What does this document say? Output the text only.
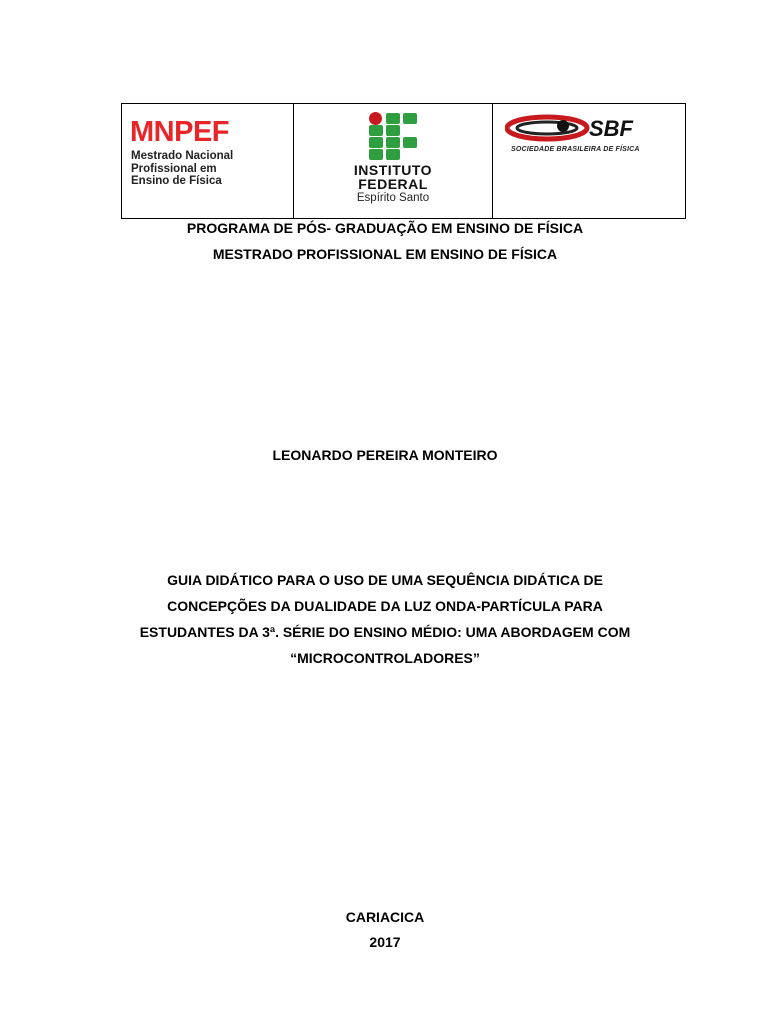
MNPEF
Mestrado Nacional
Profissional em
Ensino de Física

INSTITUTO
FEDERAL
Espírito Santo

SBF
SOCIEDADE BRASILEIRA DE FÍSICA
PROGRAMA DE PÓS- GRADUAÇÃO EM ENSINO DE FÍSICA
MESTRADO PROFISSIONAL EM ENSINO DE FÍSICA
LEONARDO PEREIRA MONTEIRO
GUIA DIDÁTICO PARA O USO DE UMA SEQUÊNCIA DIDÁTICA DE
CONCEPÇÕES DA DUALIDADE DA LUZ ONDA-PARTÍCULA PARA
ESTUDANTES DA 3ª. SÉRIE DO ENSINO MÉDIO: UMA ABORDAGEM COM
“MICROCONTROLADORES”
CARIACICA
2017
